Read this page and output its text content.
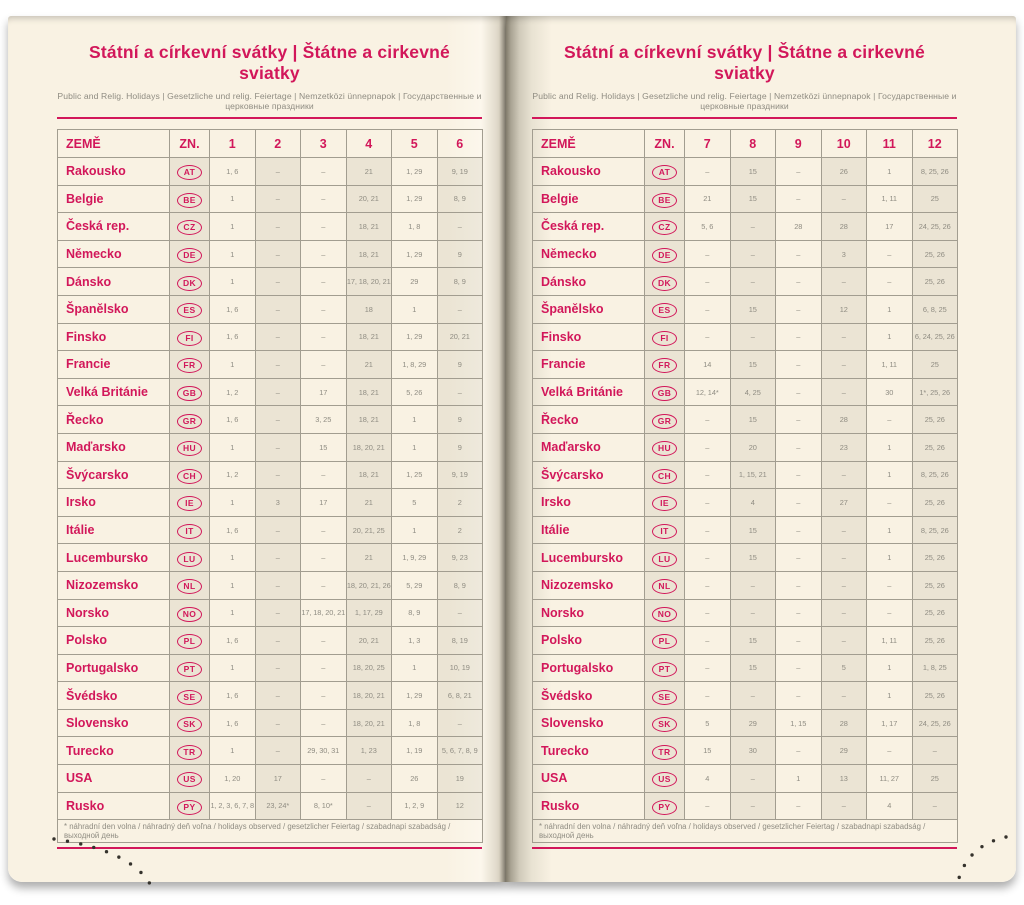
Státní a církevní svátky | Štátne a cirkevné sviatky
Public and Relig. Holidays | Gesetzliche und relig. Feiertage | Nemzetközi ünnepnapok | Государственные и церковные праздники
ZEMĚ	ZN.	1	2	3	4	5	6
Rakousko	AT	1, 6	–	–	21	1, 29	9, 19
Belgie	BE	1	–	–	20, 21	1, 29	8, 9
Česká rep.	CZ	1	–	–	18, 21	1, 8	–
Německo	DE	1	–	–	18, 21	1, 29	9
Dánsko	DK	1	–	–	17, 18, 20, 21	29	8, 9
Španělsko	ES	1, 6	–	–	18	1	–
Finsko	FI	1, 6	–	–	18, 21	1, 29	20, 21
Francie	FR	1	–	–	21	1, 8, 29	9
Velká Británie	GB	1, 2	–	17	18, 21	5, 26	–
Řecko	GR	1, 6	–	3, 25	18, 21	1	9
Maďarsko	HU	1	–	15	18, 20, 21	1	9
Švýcarsko	CH	1, 2	–	–	18, 21	1, 25	9, 19
Irsko	IE	1	3	17	21	5	2
Itálie	IT	1, 6	–	–	20, 21, 25	1	2
Lucembursko	LU	1	–	–	21	1, 9, 29	9, 23
Nizozemsko	NL	1	–	–	18, 20, 21, 26	5, 29	8, 9
Norsko	NO	1	–	17, 18, 20, 21	1, 17, 29	8, 9	–
Polsko	PL	1, 6	–	–	20, 21	1, 3	8, 19
Portugalsko	PT	1	–	–	18, 20, 25	1	10, 19
Švédsko	SE	1, 6	–	–	18, 20, 21	1, 29	6, 8, 21
Slovensko	SK	1, 6	–	–	18, 20, 21	1, 8	–
Turecko	TR	1	–	29, 30, 31	1, 23	1, 19	5, 6, 7, 8, 9
USA	US	1, 20	17	–	–	26	19
Rusko	PY	1, 2, 3, 6, 7, 8	23, 24*	8, 10*	–	1, 2, 9	12
* náhradní den volna / náhradný deň voľna / holidays observed / gesetzlicher Feiertag / szabadnapi szabadság / выходной день							
Státní a církevní svátky | Štátne a cirkevné sviatky
Public and Relig. Holidays | Gesetzliche und relig. Feiertage | Nemzetközi ünnepnapok | Государственные и церковные праздники
ZEMĚ	ZN.	7	8	9	10	11	12
Rakousko	AT	–	15	–	26	1	8, 25, 26
Belgie	BE	21	15	–	–	1, 11	25
Česká rep.	CZ	5, 6	–	28	28	17	24, 25, 26
Německo	DE	–	–	–	3	–	25, 26
Dánsko	DK	–	–	–	–	–	25, 26
Španělsko	ES	–	15	–	12	1	6, 8, 25
Finsko	FI	–	–	–	–	1	6, 24, 25, 26
Francie	FR	14	15	–	–	1, 11	25
Velká Británie	GB	12, 14*	4, 25	–	–	30	1*, 25, 26
Řecko	GR	–	15	–	28	–	25, 26
Maďarsko	HU	–	20	–	23	1	25, 26
Švýcarsko	CH	–	1, 15, 21	–	–	1	8, 25, 26
Irsko	IE	–	4	–	27	–	25, 26
Itálie	IT	–	15	–	–	1	8, 25, 26
Lucembursko	LU	–	15	–	–	1	25, 26
Nizozemsko	NL	–	–	–	–	–	25, 26
Norsko	NO	–	–	–	–	–	25, 26
Polsko	PL	–	15	–	–	1, 11	25, 26
Portugalsko	PT	–	15	–	5	1	1, 8, 25
Švédsko	SE	–	–	–	–	1	25, 26
Slovensko	SK	5	29	1, 15	28	1, 17	24, 25, 26
Turecko	TR	15	30	–	29	–	–
USA	US	4	–	1	13	11, 27	25
Rusko	PY	–	–	–	–	4	–
* náhradní den volna / náhradný deň voľna / holidays observed / gesetzlicher Feiertag / szabadnapi szabadság / выходной день							
